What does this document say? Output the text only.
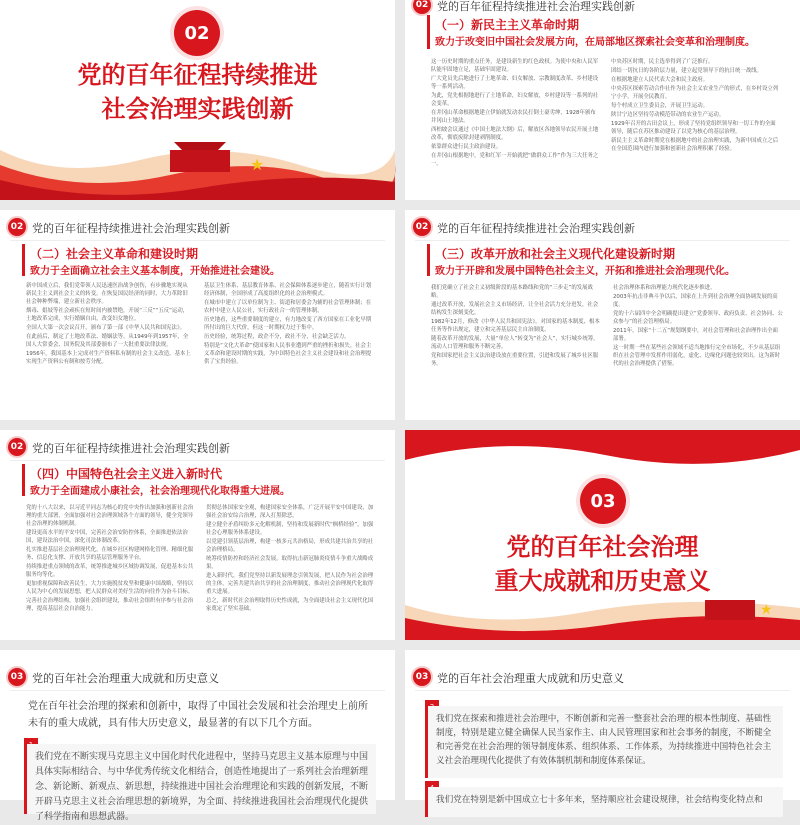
02
党的百年征程持续推进
社会治理实践创新
★
02 党的百年征程持续推进社会治理实践创新
（一）新民主主义革命时期
致力于改变旧中国社会发展方向，在局部地区探索社会变革和治理制度。

这一历史时期的重点任务，是建设新生的红色政权。为使中央和人民军队能牢固地立足，基础牢固建设。

广大党员先后地进行了土地革命、妇女解放、宗教制度改革、乡村建设等一系列活动。

为此，党先根据地进行了土地革命，妇女解放，乡村建设等一系列的社会变革。

在井冈山革命根据地建立伊始就发动农民打倒土豪劣绅，1928年颁布井冈山土地法。

西柏坡会议通过《中国土地法大纲》后，解放区各地领导农民开展土地改革，彻底废除封建剥削制度。

依靠群众进行民主政治建设。

在井冈山根据地中，党和红军一开始就把“做群众工作”作为三大任务之一。

中央苏区时期，民主选举得到了广泛推行。

团结一切抗日的各阶层力量，建立起党领导下的抗日统一战线。

在根据地建立人民代表大会和民主政府。

中央苏区探索劳动合作社作为社会主义农业生产的形式，在乡村设立列宁小学，开展全民教育。

每个村成立卫生委员会，开展卫生运动。

陕甘宁边区坚持劳动模范带动的农业生产运动。

1929年召开的古田会议上，形成了坚持党组织领导和一切工作的全面领导，随后在苏区推动建设了以党为核心的基层治理。

新民主主义革命时期党在根据地中的社会治理实践，为新中国成立之后在全国范围内进行加强和创新社会治理积累了经验。

02 党的百年征程持续推进社会治理实践创新
（二）社会主义革命和建设时期
致力于全面确立社会主义基本制度，开始推进社会建设。

新中国成立后，我们党带领人民迅速医治战争创伤，有步骤地实现从新民主主义到社会主义的转变。在恢复国民经济的同时，大力革除旧社会种种弊端，建立新社会秩序。

烟毒、娼妓等社会顽疾在短时间内被禁绝，开展“三反”“五反”运动，土地改革完成，实行婚姻自由，改变妇女地位。

全国人大第一次会议召开，颁布了第一部《中华人民共和国宪法》。

在此前后，制定了土地改革法、婚姻法等。从1949年到1957年，全国人大常委会、国务院及其部委颁布了一大批重要法律法规。

1956年，我国基本上完成对生产资料私有制的社会主义改造，基本上实现生产资料公有制和按劳分配。

基层卫生体系、基层教育体系、社会保障体系逐步建立，随着实行计划经济体制，全国形成了高度组织化的社会治理模式。

在城市中建立了以单位制为主、街道和居委会为辅的社会管理体制；在农村中建立人民公社，实行政社合一的管理体制。

历史地看，这些重要制度的建立，有力地改变了西方国家在工业化早期所付出的巨大代价，但这一时期权力过于集中。

历史经验，统筹过程，政企不分，政社不分，社会缺乏活力。

特别是“文化大革命”使国家和人民事业遭到严重的挫折和损失。社会主义革命和建设时期的实践，为中国特色社会主义社会建设和社会治理提供了宝贵经验。

02 党的百年征程持续推进社会治理实践创新
（三）改革开放和社会主义现代化建设新时期
致力于开辟和发展中国特色社会主义，开拓和推进社会治理现代化。

我们党确立了社会主义初级阶段的基本路线和党的“三步走”的发展战略。

通过改革开放，发展社会主义市场经济，让全社会活力充分迸发，社会结构发生深刻变化。

1982年12月，修改《中华人民共和国宪法》，对国家的基本制度、根本任务等作出规定，建立和完善基层民主自治制度。

随着改革开放的发展，大量“单位人”转变为“社会人”，实行城乡统筹，流动人口管理和服务不断完善。

党和国家把社会主义法治建设放在重要位置，引进和发展了城乡社区服务。

社会治理体系和治理能力现代化逐步推进。

2003年抗击非典斗争以后，国家在上升到社会治理全面协调发展的高度。

党的十六届四中全会明确提出建立“党委领导、政府负责、社会协同、公众参与”的社会管理格局。

2011年，国家“十二五”规划纲要中，对社会管理和社会治理作出全面部署。

这一时期一些在某些社会领域不适当地推行完全市场化，不少从基层组织在社会管理中发挥作用弱化，虚化、边缘化问题也较突出。这为新时代的社会治理提供了借鉴。

02 党的百年征程持续推进社会治理实践创新
（四）中国特色社会主义进入新时代
致力于全面建成小康社会，社会治理现代化取得重大进展。

党的十八大以来，以习近平同志为核心的党中央作出加强和创新社会治理的重大部署，全面加强对社会治理领域各个方面的领导，健全党领导社会治理的体制机制。

建设更高水平的平安中国，完善社会治安防控体系，全面推进依法治国，建设法治中国，深化司法体制改革。

扎实推进基层社会治理现代化，在城乡社区构建网格化管理、精细化服务、信息化支撑、开放共享的基层管理服务平台。

持续推进重点领域的改革，统筹推进城乡区域协调发展，促进基本公共服务均等化。

更加重视保障和改善民生，大力实施脱贫攻坚和健康中国战略，坚持以人民为中心的发展思想，把人民群众对美好生活的向往作为奋斗目标。

完善社会治理结构，加强社会组织建设，推动社会组织有序参与社会治理，提高基层社会自治能力。

贯彻总体国家安全观，构建国家安全体系，广泛开展平安中国建设，加强社会治安综合治理，深入打黑除恶。

建立健全矛盾纠纷多元化解机制，坚持和发展新时代“枫桥经验”，加强社会心理服务体系建设。

以党建引领基层治理，构建一核多元共治格局，形成共建共治共享的社会治理格局。

统筹疫情防控和经济社会发展，取得抗击新冠肺炎疫情斗争重大战略成果。

进入新时代，我们党坚持以新发展理念引领发展，把人民作为社会治理的主体，完善共建共治共享的社会治理制度，推动社会治理现代化取得重大进展。

总之，新时代社会治理取得历史性成就，为全面建设社会主义现代化国家奠定了坚实基础。

03
党的百年社会治理
重大成就和历史意义
★
03 党的百年社会治理重大成就和历史意义
党在百年社会治理的探索和创新中，取得了中国社会发展和社会治理史上前所未有的重大成就，具有伟大历史意义，最显著的有以下几个方面。
我们党在不断实现马克思主义中国化时代化进程中，坚持马克思主义基本原理与中国具体实际相结合、与中华优秀传统文化相结合，创造性地提出了一系列社会治理新理念、新论断、新观点、新思想，持续推进中国社会治理理论和实践的创新发展，不断开辟马克思主义社会治理思想的新境界，为全面、持续推进我国社会治理现代化提供了科学指南和思想武器。
03 党的百年社会治理重大成就和历史意义
我们党在探索和推进社会治理中，不断创新和完善一整套社会治理的根本性制度、基础性制度，特别是建立健全确保人民当家作主、由人民管理国家和社会事务的制度，不断健全和完善党在社会治理的领导制度体系、组织体系、工作体系，为持续推进中国特色社会主义社会治理现代化提供了有效体制机制和制度体系保证。
我们党在特别是新中国成立七十多年来，坚持顺应社会建设规律，社会结构变化特点和
